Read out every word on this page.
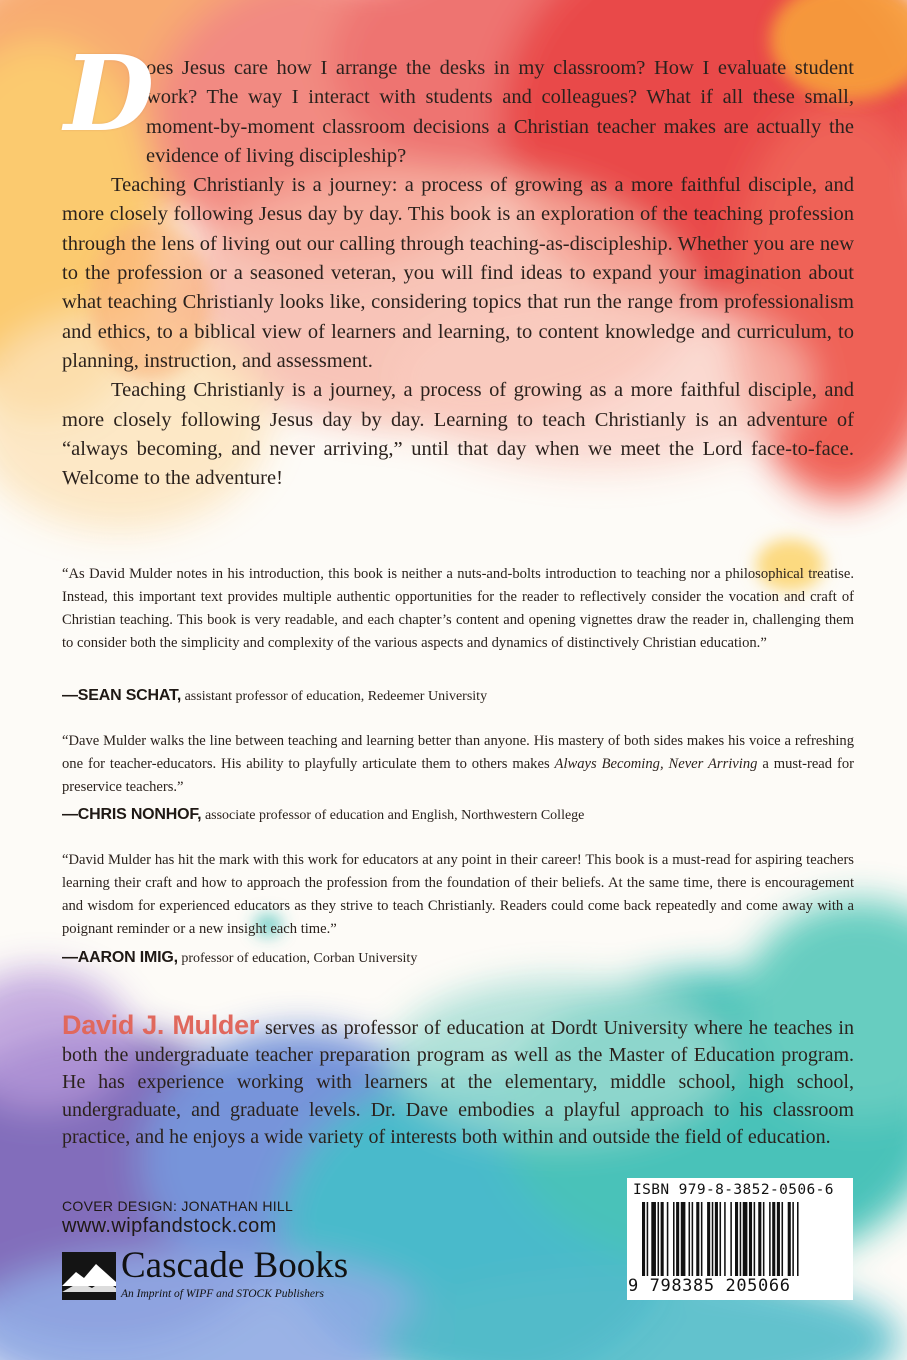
D
oes Jesus care how I arrange the desks in my classroom? How I evaluate student work? The way I interact with students and colleagues? What if all these small, moment-by-moment classroom decisions a Christian teacher makes are actually the evidence of living discipleship?

Teaching Christianly is a journey: a process of growing as a more faithful disciple, and more closely following Jesus day by day. This book is an exploration of the teaching profession through the lens of living out our calling through teaching-as-discipleship. Whether you are new to the profession or a seasoned veteran, you will find ideas to expand your imagination about what teaching Christianly looks like, considering topics that run the range from professionalism and ethics, to a biblical view of learners and learning, to content knowledge and curriculum, to planning, instruction, and assessment.

Teaching Christianly is a journey, a process of growing as a more faithful disciple, and more closely following Jesus day by day. Learning to teach Christianly is an adventure of “always becoming, and never arriving,” until that day when we meet the Lord face-to-face. Welcome to the adventure!

“As David Mulder notes in his introduction, this book is neither a nuts-and-bolts introduction to teaching nor a philosophical treatise. Instead, this important text provides multiple authentic opportunities for the reader to reflectively consider the vocation and craft of Christian teaching. This book is very readable, and each chapter’s content and opening vignettes draw the reader in, challenging them to consider both the simplicity and complexity of the various aspects and dynamics of distinctively Christian education.”

—SEAN SCHAT, assistant professor of education, Redeemer University

“Dave Mulder walks the line between teaching and learning better than anyone. His mastery of both sides makes his voice a refreshing one for teacher-educators. His ability to playfully articulate them to others makes Always Becoming, Never Arriving a must-read for preservice teachers.”

—CHRIS NONHOF, associate professor of education and English, Northwestern College

“David Mulder has hit the mark with this work for educators at any point in their career! This book is a must-read for aspiring teachers learning their craft and how to approach the profession from the foundation of their beliefs. At the same time, there is encouragement and wisdom for experienced educators as they strive to teach Christianly. Readers could come back repeatedly and come away with a poignant reminder or a new insight each time.”

—AARON IMIG, professor of education, Corban University
David J. Mulder serves as professor of education at Dordt University where he teaches in both the undergraduate teacher preparation program as well as the Master of Education program. He has experience working with learners at the elementary, middle school, high school, undergraduate, and graduate levels. Dr. Dave embodies a playful approach to his classroom practice, and he enjoys a wide variety of interests both within and outside the field of education.
COVER DESIGN: JONATHAN HILL
www.wipfandstock.com
Cascade Books
An Imprint of WIPF and STOCK Publishers
ISBN 979-8-3852-0506-6
9 798385 205066
